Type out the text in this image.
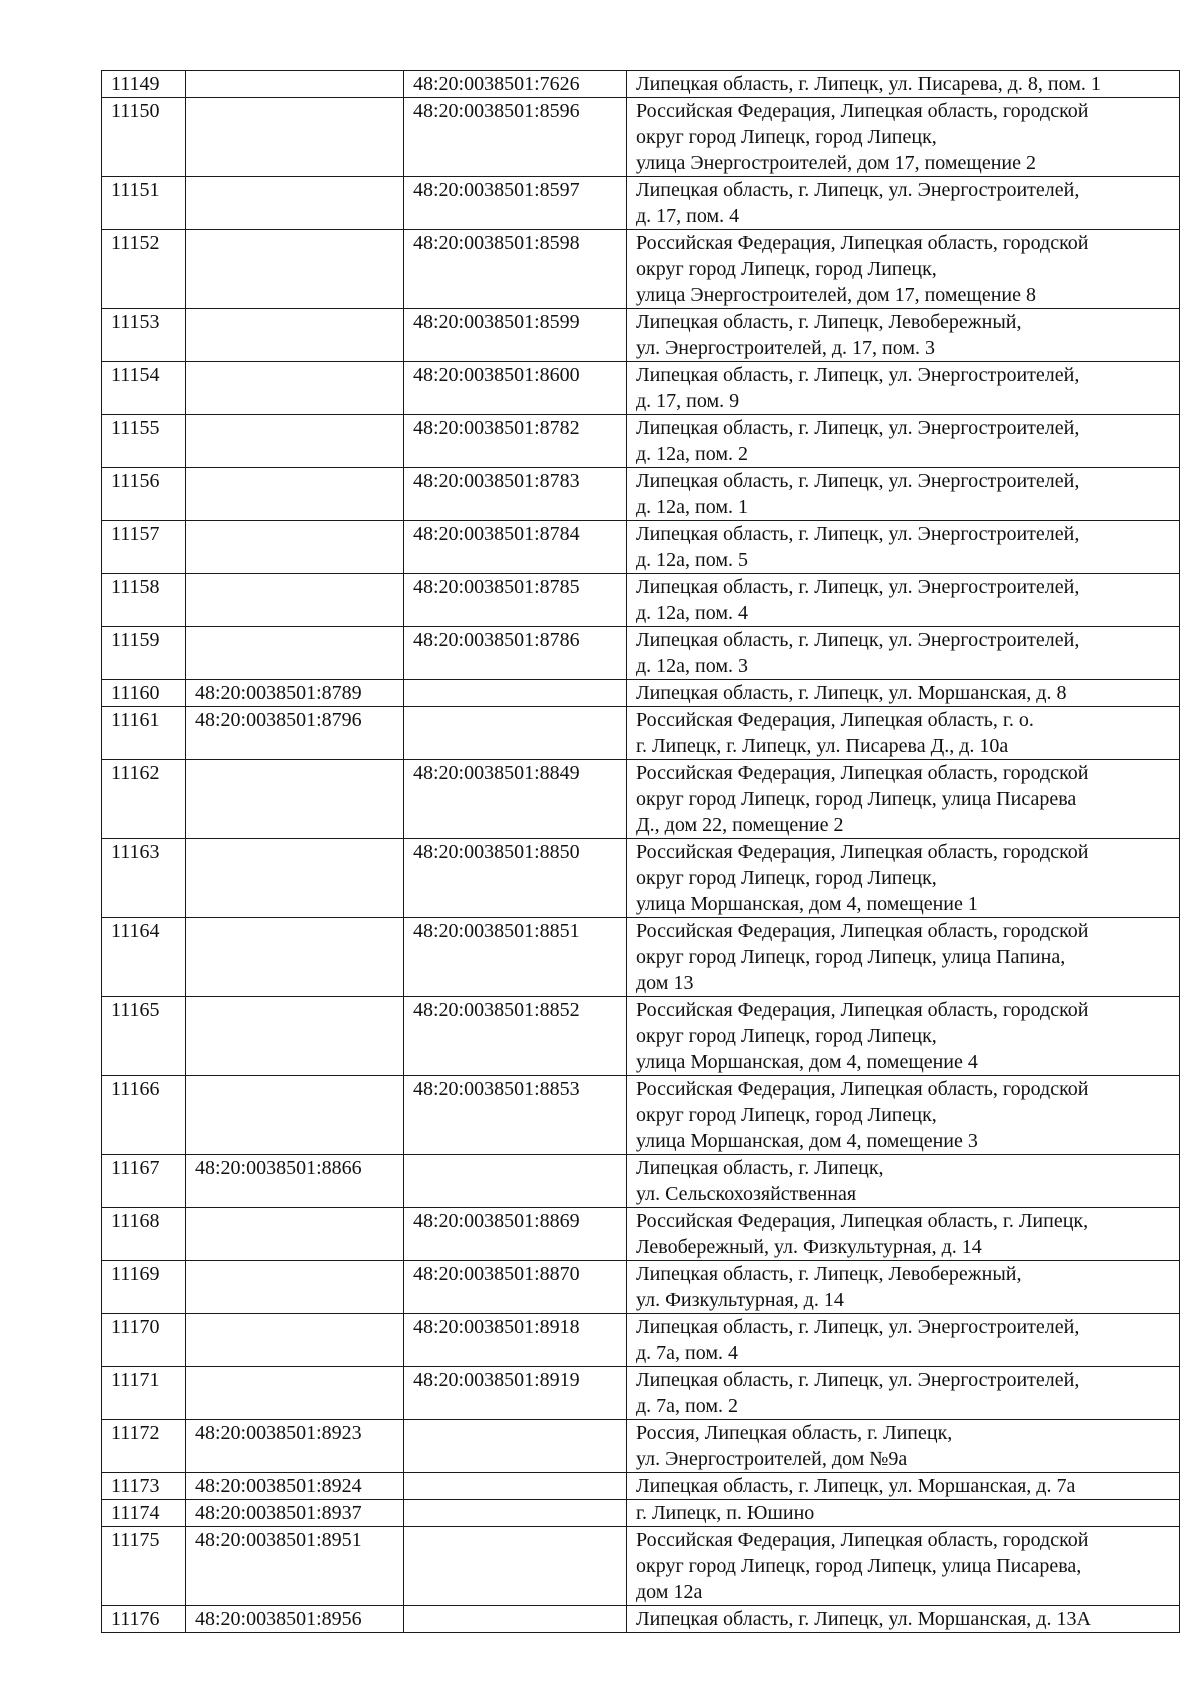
11149		48:20:0038501:7626	Липецкая область, г. Липецк, ул. Писарева, д. 8, пом. 1
11150		48:20:0038501:8596	Российская Федерация, Липецкая область, городской
округ город Липецк, город Липецк,
улица Энергостроителей, дом 17, помещение 2
11151		48:20:0038501:8597	Липецкая область, г. Липецк, ул. Энергостроителей,
д. 17, пом. 4
11152		48:20:0038501:8598	Российская Федерация, Липецкая область, городской
округ город Липецк, город Липецк,
улица Энергостроителей, дом 17, помещение 8
11153		48:20:0038501:8599	Липецкая область, г. Липецк, Левобережный,
ул. Энергостроителей, д. 17, пом. 3
11154		48:20:0038501:8600	Липецкая область, г. Липецк, ул. Энергостроителей,
д. 17, пом. 9
11155		48:20:0038501:8782	Липецкая область, г. Липецк, ул. Энергостроителей,
д. 12а, пом. 2
11156		48:20:0038501:8783	Липецкая область, г. Липецк, ул. Энергостроителей,
д. 12а, пом. 1
11157		48:20:0038501:8784	Липецкая область, г. Липецк, ул. Энергостроителей,
д. 12а, пом. 5
11158		48:20:0038501:8785	Липецкая область, г. Липецк, ул. Энергостроителей,
д. 12а, пом. 4
11159		48:20:0038501:8786	Липецкая область, г. Липецк, ул. Энергостроителей,
д. 12а, пом. 3
11160	48:20:0038501:8789		Липецкая область, г. Липецк, ул. Моршанская, д. 8
11161	48:20:0038501:8796		Российская Федерация, Липецкая область, г. о.
г. Липецк, г. Липецк, ул. Писарева Д., д. 10а
11162		48:20:0038501:8849	Российская Федерация, Липецкая область, городской
округ город Липецк, город Липецк, улица Писарева
Д., дом 22, помещение 2
11163		48:20:0038501:8850	Российская Федерация, Липецкая область, городской
округ город Липецк, город Липецк,
улица Моршанская, дом 4, помещение 1
11164		48:20:0038501:8851	Российская Федерация, Липецкая область, городской
округ город Липецк, город Липецк, улица Папина,
дом 13
11165		48:20:0038501:8852	Российская Федерация, Липецкая область, городской
округ город Липецк, город Липецк,
улица Моршанская, дом 4, помещение 4
11166		48:20:0038501:8853	Российская Федерация, Липецкая область, городской
округ город Липецк, город Липецк,
улица Моршанская, дом 4, помещение 3
11167	48:20:0038501:8866		Липецкая область, г. Липецк,
ул. Сельскохозяйственная
11168		48:20:0038501:8869	Российская Федерация, Липецкая область, г. Липецк,
Левобережный, ул. Физкультурная, д. 14
11169		48:20:0038501:8870	Липецкая область, г. Липецк, Левобережный,
ул. Физкультурная, д. 14
11170		48:20:0038501:8918	Липецкая область, г. Липецк, ул. Энергостроителей,
д. 7а, пом. 4
11171		48:20:0038501:8919	Липецкая область, г. Липецк, ул. Энергостроителей,
д. 7а, пом. 2
11172	48:20:0038501:8923		Россия, Липецкая область, г. Липецк,
ул. Энергостроителей, дом №9а
11173	48:20:0038501:8924		Липецкая область, г. Липецк, ул. Моршанская, д. 7а
11174	48:20:0038501:8937		г. Липецк, п. Юшино
11175	48:20:0038501:8951		Российская Федерация, Липецкая область, городской
округ город Липецк, город Липецк, улица Писарева,
дом 12а
11176	48:20:0038501:8956		Липецкая область, г. Липецк, ул. Моршанская, д. 13А
